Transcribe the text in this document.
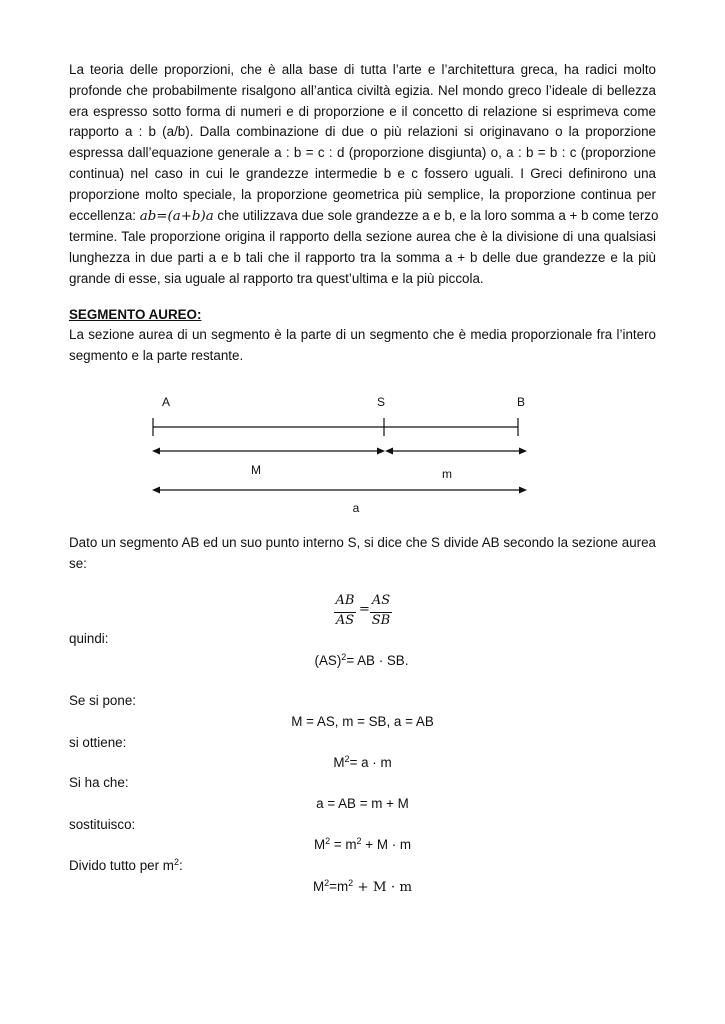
La teoria delle proporzioni, che è alla base di tutta l’arte e l’architettura greca, ha radici molto
profonde che probabilmente risalgono all’antica civiltà egizia. Nel mondo greco l’ideale di bellezza
era espresso sotto forma di numeri e di proporzione e il concetto di relazione si esprimeva come
rapporto a : b (a/b). Dalla combinazione di due o più relazioni si originavano o la proporzione
espressa dall’equazione generale a : b = c : d (proporzione disgiunta) o, a : b = b : c (proporzione
continua) nel caso in cui le grandezze intermedie b e c fossero uguali. I Greci definirono una
proporzione molto speciale, la proporzione geometrica più semplice, la proporzione continua per
eccellenza: ab=(a+b)a che utilizzava due sole grandezze a e b, e la loro somma a + b come terzo
termine. Tale proporzione origina il rapporto della sezione aurea che è la divisione di una qualsiasi
lunghezza in due parti a e b tali che il rapporto tra la somma a + b delle due grandezze e la più
grande di esse, sia uguale al rapporto tra quest’ultima e la più piccola.

SEGMENTO AUREO:

La sezione aurea di un segmento è la parte di un segmento che è media proporzionale fra l’intero
segmento e la parte restante.

A	S	B
M	m
a

Dato un segmento AB ed un suo punto interno S, si dice che S divide AB secondo la sezione aurea
se:

AB
AS
=
AS
SB
quindi:
(AS)$^2$= AB · SB.
Se si pone:
M = AS, m = SB, a = AB
si ottiene:
$M^2= a \cdot m$
Si ha che:
a = AB = m + M
sostituisco:
$M^2 = m^2 + M \cdot m$
Divido tutto per $m^2$:
$M^2=m^2 + M \cdot m$
